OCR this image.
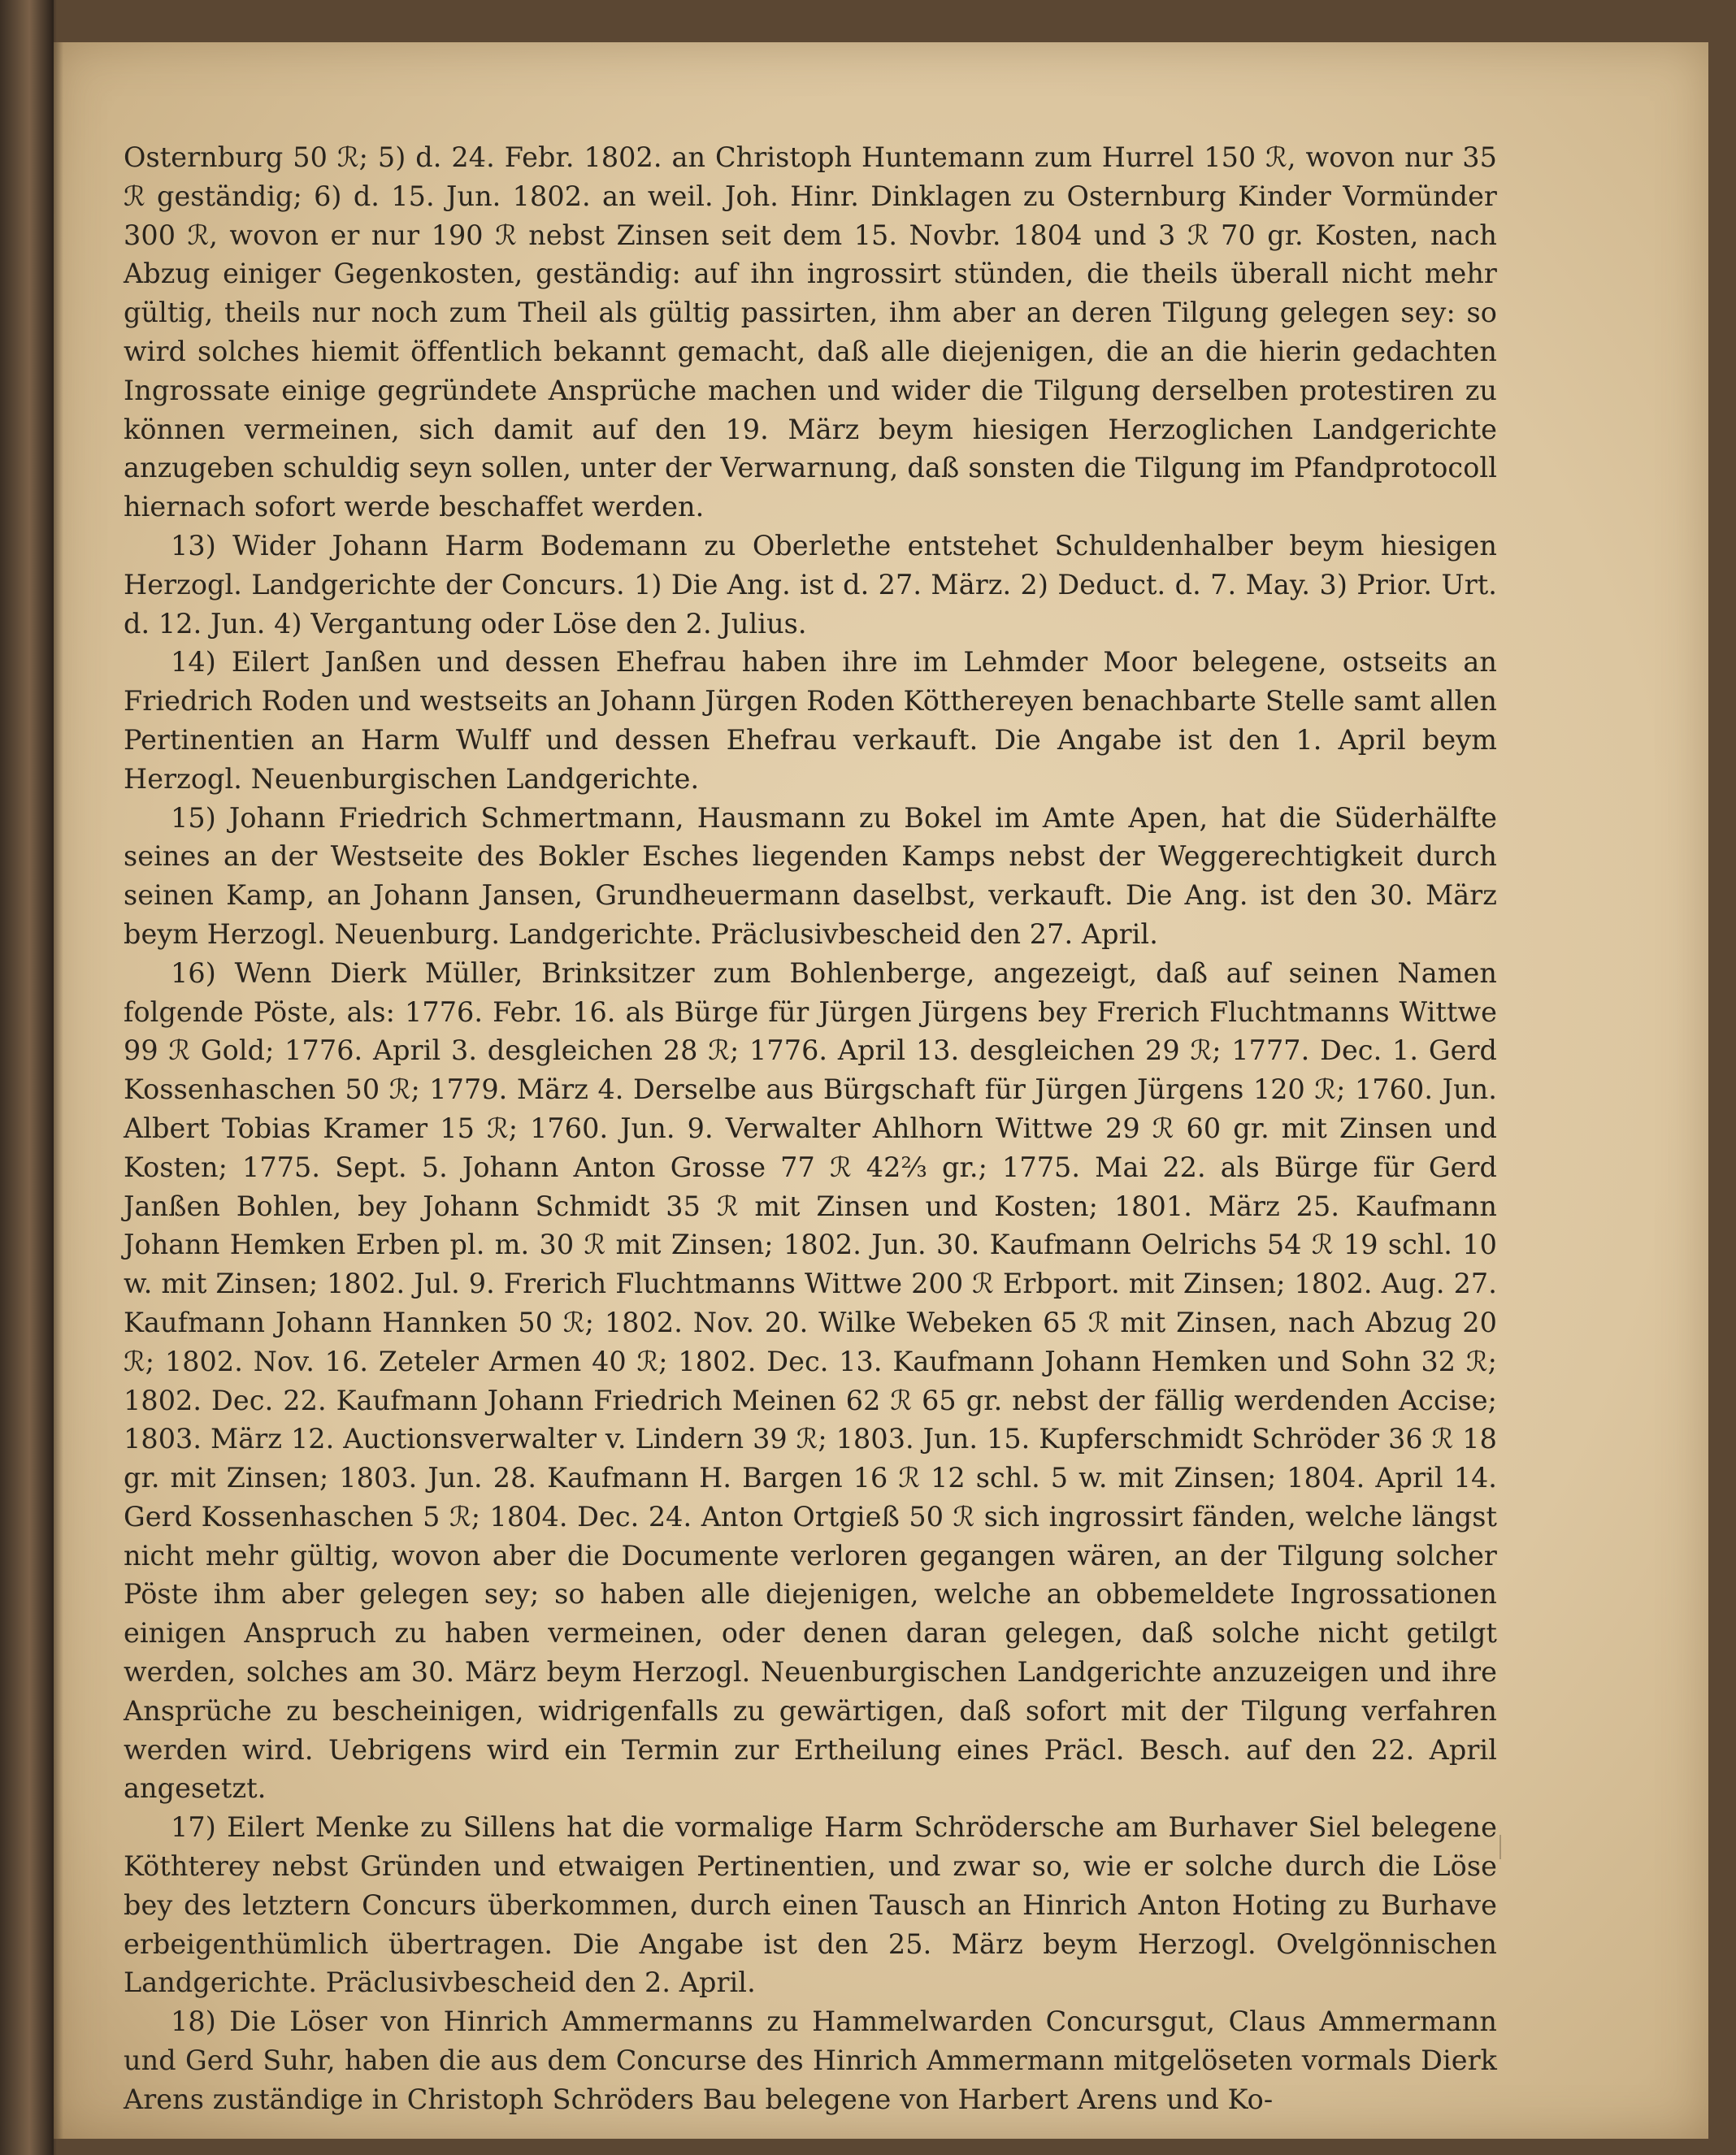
Osternburg 50 ℛ︁; 5) d. 24. Febr. 1802. an Christoph Huntemann zum Hurrel 150 ℛ︁, wovon nur 35 ℛ︁ geständig; 6) d. 15. Jun. 1802. an weil. Joh. Hinr. Dinklagen zu Osternburg Kinder Vormünder 300 ℛ︁, wovon er nur 190 ℛ︁ nebst Zinsen seit dem 15. Novbr. 1804 und 3 ℛ︁ 70 gr. Kosten, nach Abzug einiger Gegenkosten, geständig: auf ihn ingrossirt stünden, die theils überall nicht mehr gültig, theils nur noch zum Theil als gültig passirten, ihm aber an deren Tilgung gelegen sey: so wird solches hiemit öffentlich bekannt gemacht, daß alle diejenigen, die an die hierin gedachten Ingrossate einige gegründete Ansprüche machen und wider die Tilgung derselben protestiren zu können vermeinen, sich damit auf den 19. März beym hiesigen Herzoglichen Landgerichte anzugeben schuldig seyn sollen, unter der Verwarnung, daß sonsten die Tilgung im Pfandprotocoll hiernach sofort werde beschaffet werden.

13) Wider Johann Harm Bodemann zu Oberlethe entstehet Schuldenhalber beym hiesigen Herzogl. Landgerichte der Concurs. 1) Die Ang. ist d. 27. März. 2) Deduct. d. 7. May. 3) Prior. Urt. d. 12. Jun. 4) Vergantung oder Löse den 2. Julius.

14) Eilert Janßen und dessen Ehefrau haben ihre im Lehmder Moor belegene, ostseits an Friedrich Roden und westseits an Johann Jürgen Roden Kötthereyen benachbarte Stelle samt allen Pertinentien an Harm Wulff und dessen Ehefrau verkauft. Die Angabe ist den 1. April beym Herzogl. Neuenburgischen Landgerichte.

15) Johann Friedrich Schmertmann, Hausmann zu Bokel im Amte Apen, hat die Süderhälfte seines an der Westseite des Bokler Esches liegenden Kamps nebst der Weggerechtigkeit durch seinen Kamp, an Johann Jansen, Grundheuermann daselbst, verkauft. Die Ang. ist den 30. März beym Herzogl. Neuenburg. Landgerichte. Präclusivbescheid den 27. April.

16) Wenn Dierk Müller, Brinksitzer zum Bohlenberge, angezeigt, daß auf seinen Namen folgende Pöste, als: 1776. Febr. 16. als Bürge für Jürgen Jürgens bey Frerich Fluchtmanns Wittwe 99 ℛ︁ Gold; 1776. April 3. desgleichen 28 ℛ︁; 1776. April 13. desgleichen 29 ℛ︁; 1777. Dec. 1. Gerd Kossenhaschen 50 ℛ︁; 1779. März 4. Derselbe aus Bürgschaft für Jürgen Jürgens 120 ℛ︁; 1760. Jun. Albert Tobias Kramer 15 ℛ︁; 1760. Jun. 9. Verwalter Ahlhorn Wittwe 29 ℛ︁ 60 gr. mit Zinsen und Kosten; 1775. Sept. 5. Johann Anton Grosse 77 ℛ︁ 42⅔ gr.; 1775. Mai 22. als Bürge für Gerd Janßen Bohlen, bey Johann Schmidt 35 ℛ︁ mit Zinsen und Kosten; 1801. März 25. Kaufmann Johann Hemken Erben pl. m. 30 ℛ︁ mit Zinsen; 1802. Jun. 30. Kaufmann Oelrichs 54 ℛ︁ 19 schl. 10 w. mit Zinsen; 1802. Jul. 9. Frerich Fluchtmanns Wittwe 200 ℛ︁ Erbport. mit Zinsen; 1802. Aug. 27. Kaufmann Johann Hannken 50 ℛ︁; 1802. Nov. 20. Wilke Webeken 65 ℛ︁ mit Zinsen, nach Abzug 20 ℛ︁; 1802. Nov. 16. Zeteler Armen 40 ℛ︁; 1802. Dec. 13. Kaufmann Johann Hemken und Sohn 32 ℛ︁; 1802. Dec. 22. Kaufmann Johann Friedrich Meinen 62 ℛ︁ 65 gr. nebst der fällig werdenden Accise; 1803. März 12. Auctionsverwalter v. Lindern 39 ℛ︁; 1803. Jun. 15. Kupferschmidt Schröder 36 ℛ︁ 18 gr. mit Zinsen; 1803. Jun. 28. Kaufmann H. Bargen 16 ℛ︁ 12 schl. 5 w. mit Zinsen; 1804. April 14. Gerd Kossenhaschen 5 ℛ︁; 1804. Dec. 24. Anton Ortgieß 50 ℛ︁ sich ingrossirt fänden, welche längst nicht mehr gültig, wovon aber die Documente verloren gegangen wären, an der Tilgung solcher Pöste ihm aber gelegen sey; so haben alle diejenigen, welche an obbemeldete Ingrossationen einigen Anspruch zu haben vermeinen, oder denen daran gelegen, daß solche nicht getilgt werden, solches am 30. März beym Herzogl. Neuenburgischen Landgerichte anzuzeigen und ihre Ansprüche zu bescheinigen, widrigenfalls zu gewärtigen, daß sofort mit der Tilgung verfahren werden wird. Uebrigens wird ein Termin zur Ertheilung eines Präcl. Besch. auf den 22. April angesetzt.

17) Eilert Menke zu Sillens hat die vormalige Harm Schrödersche am Burhaver Siel belegene Köthterey nebst Gründen und etwaigen Pertinentien, und zwar so, wie er solche durch die Löse bey des letztern Concurs überkommen, durch einen Tausch an Hinrich Anton Hoting zu Burhave erbeigenthümlich übertragen. Die Angabe ist den 25. März beym Herzogl. Ovelgönnischen Landgerichte. Präclusivbescheid den 2. April.

18) Die Löser von Hinrich Ammermanns zu Hammelwarden Concursgut, Claus Ammermann und Gerd Suhr, haben die aus dem Concurse des Hinrich Ammermann mitgelöseten vormals Dierk Arens zuständige in Christoph Schröders Bau belegene von Harbert Arens und Ko-
